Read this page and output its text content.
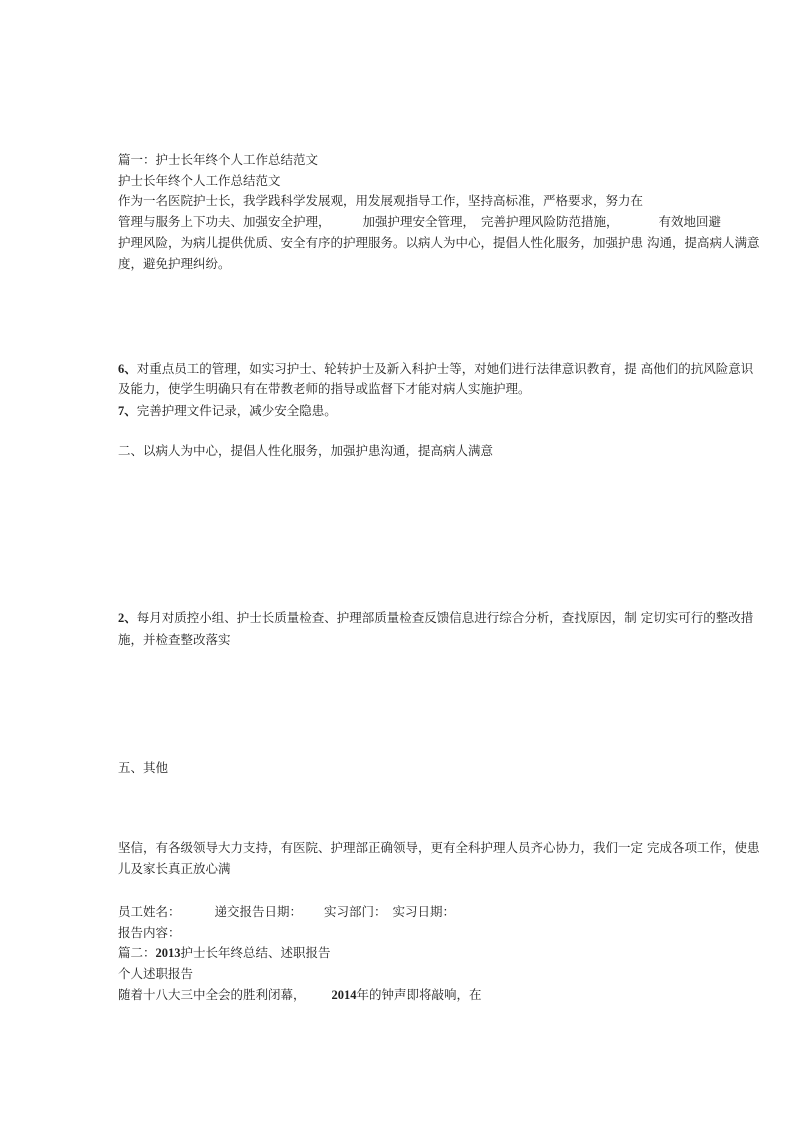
篇一：护士长年终个人工作总结范文
护士长年终个人工作总结范文
作为一名医院护士长，我学践科学发展观，用发展观指导工作，坚持高标准，严格要求，努力在
管理与服务上下功夫、加强安全护理，	加强护理安全管理， 完善护理风险防范措施，	有效地回避
护理风险，为病儿提供优质、安全有序的护理服务。以病人为中心，提倡人性化服务，加强护患 沟通，提高病人满意
度，避免护理纠纷。
6、对重点员工的管理，如实习护士、轮转护士及新入科护士等，对她们进行法律意识教育，提 高他们的抗风险意识
及能力，使学生明确只有在带教老师的指导或监督下才能对病人实施护理。
7、完善护理文件记录，减少安全隐患。
二、以病人为中心，提倡人性化服务，加强护患沟通，提高病人满意
2、每月对质控小组、护士长质量检查、护理部质量检查反馈信息进行综合分析，查找原因，制 定切实可行的整改措
施，并检查整改落实
五、其他
坚信，有各级领导大力支持，有医院、护理部正确领导，更有全科护理人员齐心协力，我们一定 完成各项工作，使患
儿及家长真正放心满
员工姓名：	递交报告日期： 实习部门： 实习日期：
报告内容：
篇二：2013护士长年终总结、述职报告
个人述职报告
随着十八大三中全会的胜利闭幕， 2014年的钟声即将敲响，在
